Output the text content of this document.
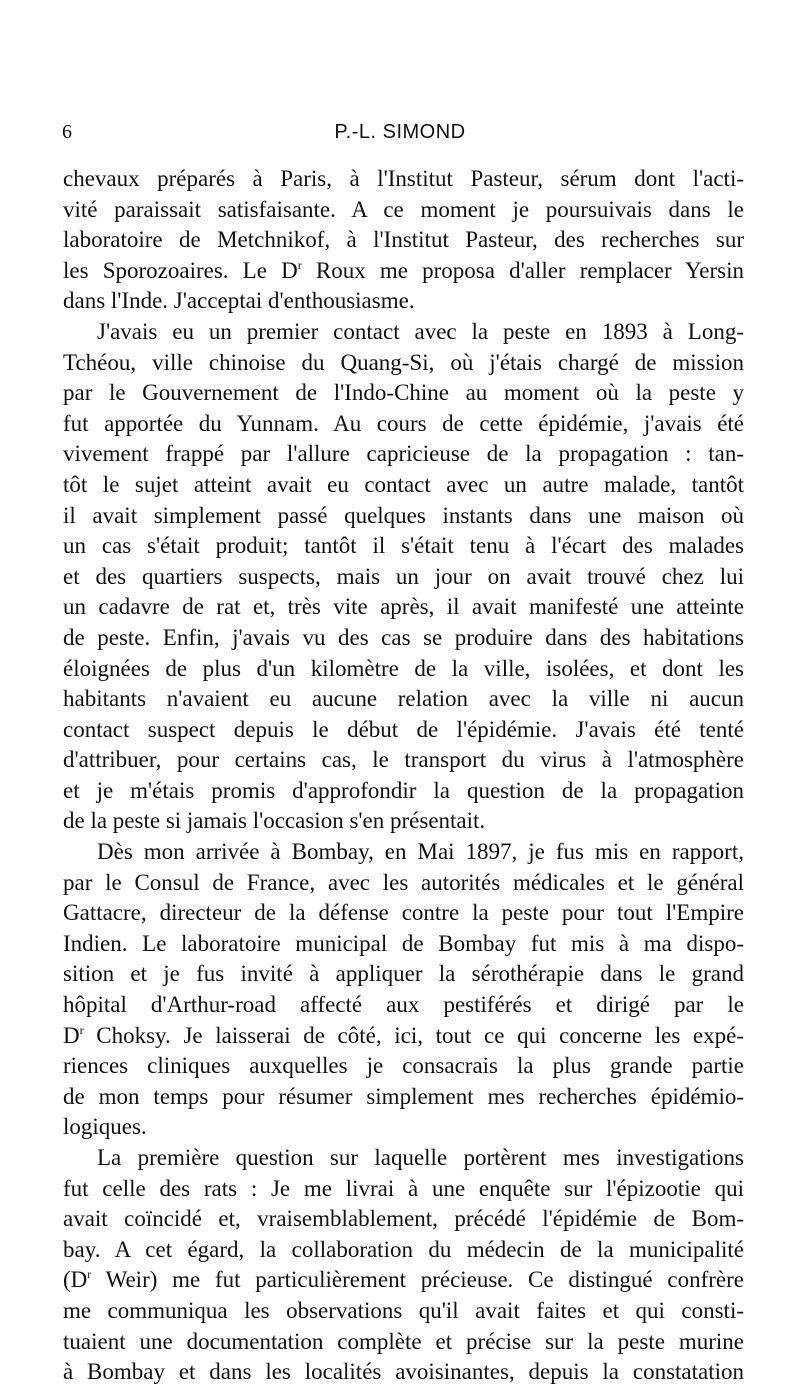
6	P.-L. SIMOND
chevaux préparés à Paris, à l'Institut Pasteur, sérum dont l'acti-
vité paraissait satisfaisante. A ce moment je poursuivais dans le
laboratoire de Metchnikof, à l'Institut Pasteur, des recherches sur
les Sporozoaires. Le $D^r$ Roux me proposa d'aller remplacer Yersin
dans l'Inde. J'acceptai d'enthousiasme.
J'avais eu un premier contact avec la peste en 1893 à Long-
Tchéou, ville chinoise du Quang-Si, où j'étais chargé de mission
par le Gouvernement de l'Indo-Chine au moment où la peste y
fut apportée du Yunnam. Au cours de cette épidémie, j'avais été
vivement frappé par l'allure capricieuse de la propagation : tan-
tôt le sujet atteint avait eu contact avec un autre malade, tantôt
il avait simplement passé quelques instants dans une maison où
un cas s'était produit; tantôt il s'était tenu à l'écart des malades
et des quartiers suspects, mais un jour on avait trouvé chez lui
un cadavre de rat et, très vite après, il avait manifesté une atteinte
de peste. Enfin, j'avais vu des cas se produire dans des habitations
éloignées de plus d'un kilomètre de la ville, isolées, et dont les
habitants n'avaient eu aucune relation avec la ville ni aucun
contact suspect depuis le début de l'épidémie. J'avais été tenté
d'attribuer, pour certains cas, le transport du virus à l'atmosphère
et je m'étais promis d'approfondir la question de la propagation
de la peste si jamais l'occasion s'en présentait.
Dès mon arrivée à Bombay, en Mai 1897, je fus mis en rapport,
par le Consul de France, avec les autorités médicales et le général
Gattacre, directeur de la défense contre la peste pour tout l'Empire
Indien. Le laboratoire municipal de Bombay fut mis à ma dispo-
sition et je fus invité à appliquer la sérothérapie dans le grand
hôpital d'Arthur-road affecté aux pestiférés et dirigé par le
$D^r$ Choksy. Je laisserai de côté, ici, tout ce qui concerne les expé-
riences cliniques auxquelles je consacrais la plus grande partie
de mon temps pour résumer simplement mes recherches épidémio-
logiques.
La première question sur laquelle portèrent mes investigations
fut celle des rats : Je me livrai à une enquête sur l'épizootie qui
avait coïncidé et, vraisemblablement, précédé l'épidémie de Bom-
bay. A cet égard, la collaboration du médecin de la municipalité
($D^r$ Weir) me fut particulièrement précieuse. Ce distingué confrère
me communiqua les observations qu'il avait faites et qui consti-
tuaient une documentation complète et précise sur la peste murine
à Bombay et dans les localités avoisinantes, depuis la constatation
